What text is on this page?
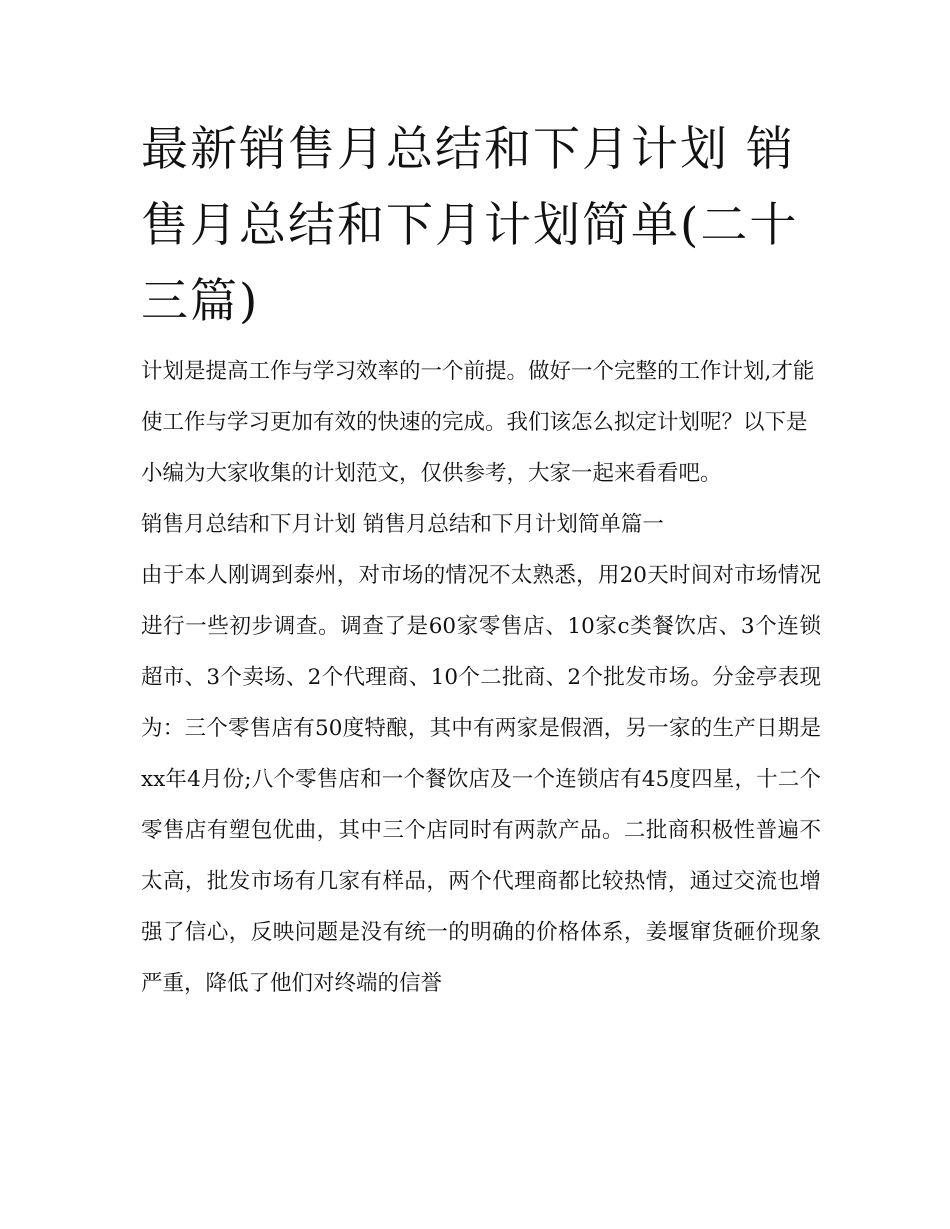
最新销售月总结和下月计划 销售月总结和下月计划简单(二十三篇)

计划是提高工作与学习效率的一个前提。做好一个完整的工作计划,才能使工作与学习更加有效的快速的完成。我们该怎么拟定计划呢？以下是小编为大家收集的计划范文，仅供参考，大家一起来看看吧。

销售月总结和下月计划 销售月总结和下月计划简单篇一

由于本人刚调到泰州，对市场的情况不太熟悉，用20天时间对市场情况进行一些初步调查。调查了是60家零售店、10家c类餐饮店、3个连锁超市、3个卖场、2个代理商、10个二批商、2个批发市场。分金亭表现为：三个零售店有50度特酿，其中有两家是假酒，另一家的生产日期是xx年4月份;八个零售店和一个餐饮店及一个连锁店有45度四星，十二个零售店有塑包优曲，其中三个店同时有两款产品。二批商积极性普遍不太高，批发市场有几家有样品，两个代理商都比较热情，通过交流也增强了信心，反映问题是没有统一的明确的价格体系，姜堰窜货砸价现象严重，降低了他们对终端的信誉
